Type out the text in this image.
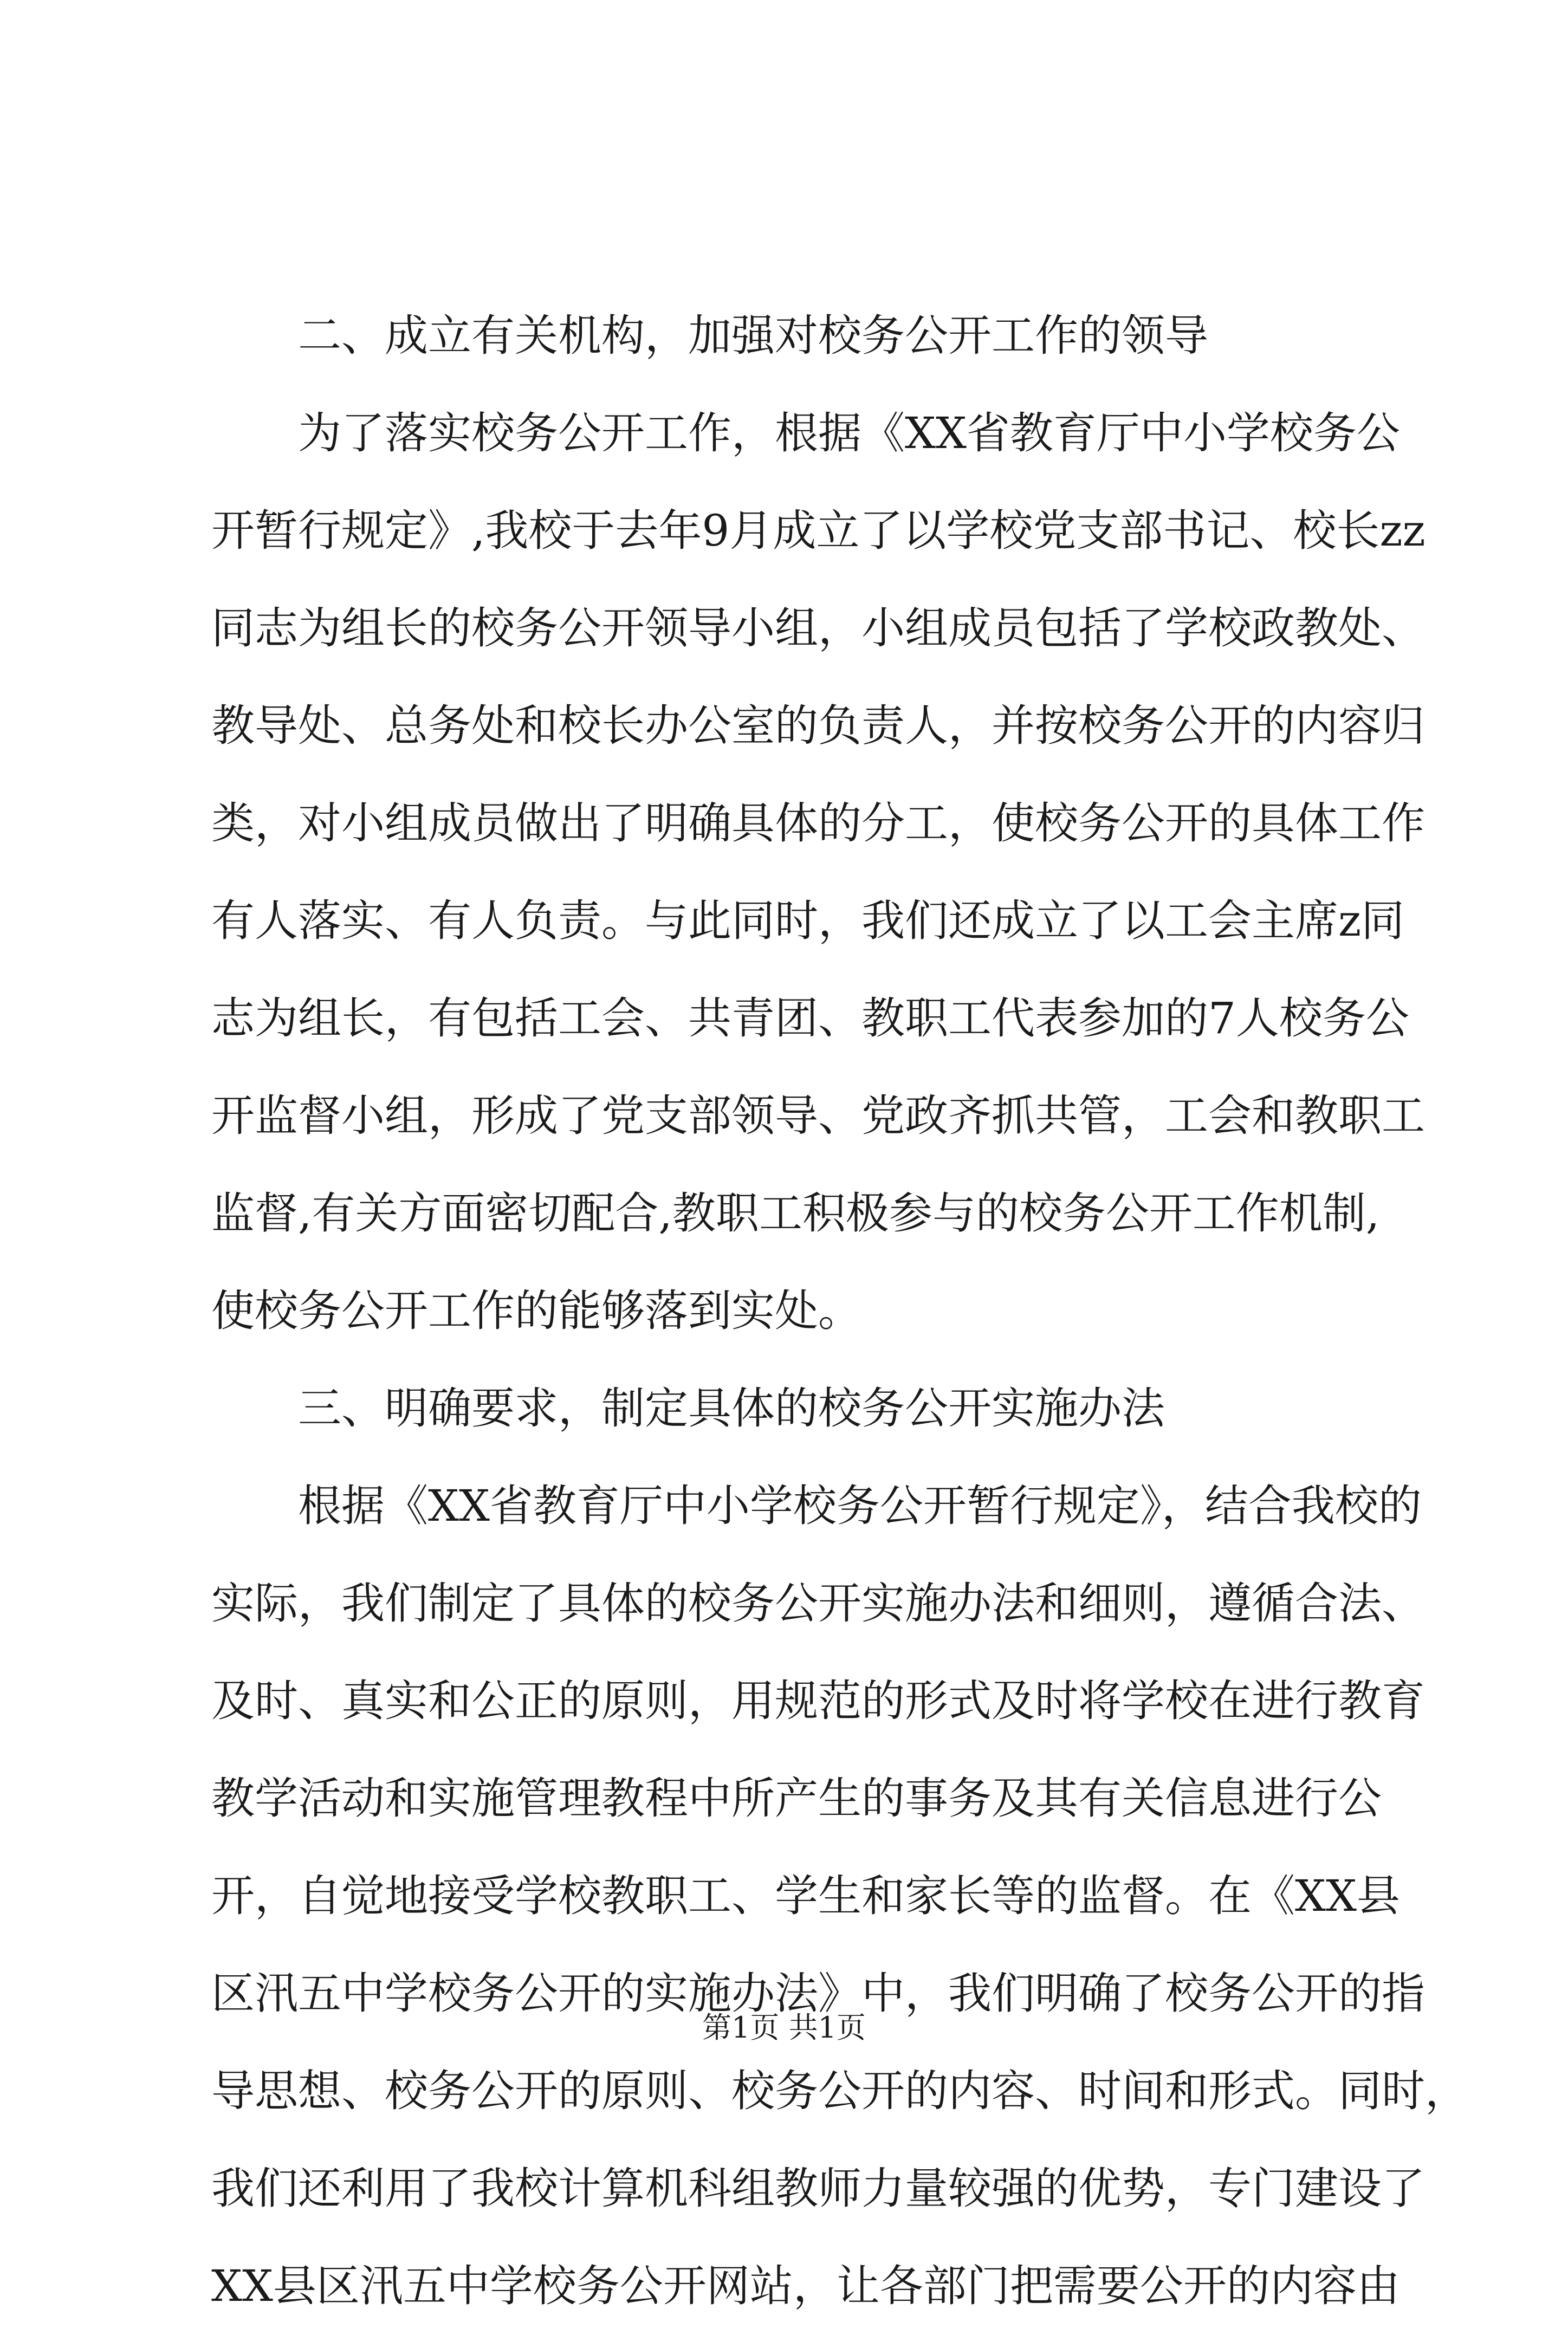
二、成立有关机构，加强对校务公开工作的领导
为了落实校务公开工作，根据《XX省教育厅中小学校务公
开暂行规定》,我校于去年9月成立了以学校党支部书记、校长zz
同志为组长的校务公开领导小组，小组成员包括了学校政教处、
教导处、总务处和校长办公室的负责人，并按校务公开的内容归
类，对小组成员做出了明确具体的分工，使校务公开的具体工作
有人落实、有人负责。与此同时，我们还成立了以工会主席z同
志为组长，有包括工会、共青团、教职工代表参加的7人校务公
开监督小组，形成了党支部领导、党政齐抓共管，工会和教职工
监督,有关方面密切配合,教职工积极参与的校务公开工作机制,
使校务公开工作的能够落到实处。
三、明确要求，制定具体的校务公开实施办法
根据《XX省教育厅中小学校务公开暂行规定》，结合我校的
实际，我们制定了具体的校务公开实施办法和细则，遵循合法、
及时、真实和公正的原则，用规范的形式及时将学校在进行教育
教学活动和实施管理教程中所产生的事务及其有关信息进行公
开，自觉地接受学校教职工、学生和家长等的监督。在《XX县
区汛五中学校务公开的实施办法》中，我们明确了校务公开的指
导思想、校务公开的原则、校务公开的内容、时间和形式。同时，
我们还利用了我校计算机科组教师力量较强的优势，专门建设了
XX县区汛五中学校务公开网站，让各部门把需要公开的内容由
第1页 共1页
